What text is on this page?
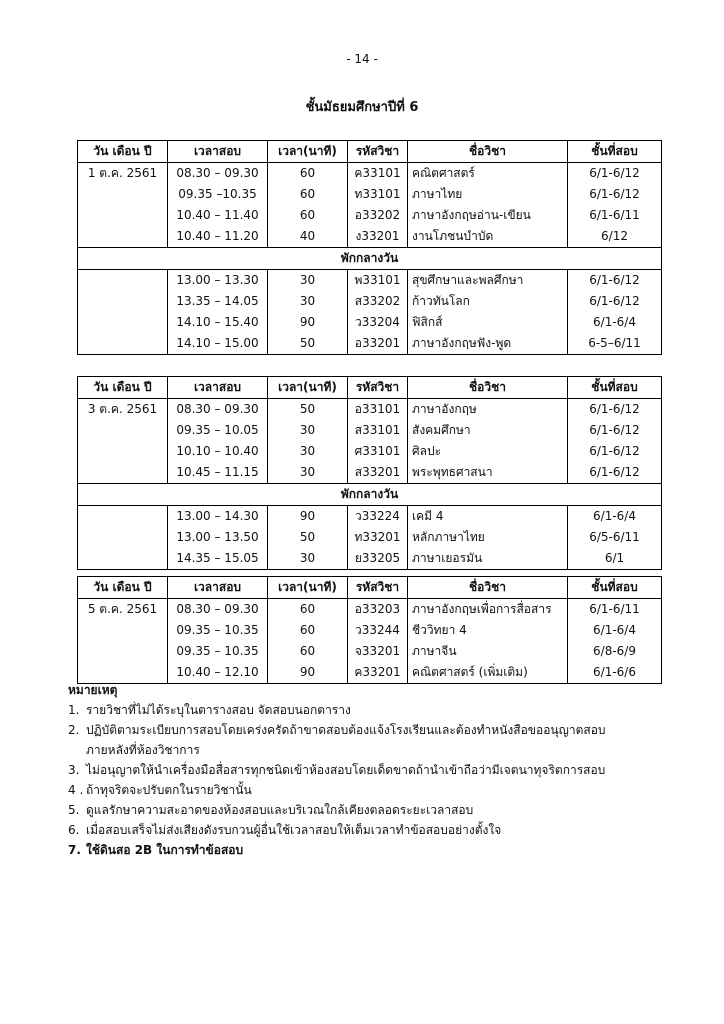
- 14 -
ชั้นมัธยมศึกษาปีที่ 6
วัน เดือน ปี	เวลาสอบ	เวลา(นาที)	รหัสวิชา	ชื่อวิชา	ชั้นที่สอบ
1 ต.ค. 2561	08.30 – 09.30	60	ค33101	คณิตศาสตร์	6/1-6/12
	09.35 –10.35	60	ท33101	ภาษาไทย	6/1-6/12
	10.40 – 11.40	60	อ33202	ภาษาอังกฤษอ่าน-เขียน	6/1-6/11
	10.40 – 11.20	40	ง33201	งานโภชนบำบัด	6/12
พักกลางวัน					
	13.00 – 13.30	30	พ33101	สุขศึกษาและพลศึกษา	6/1-6/12
	13.35 – 14.05	30	ส33202	ก้าวทันโลก	6/1-6/12
	14.10 – 15.40	90	ว33204	ฟิสิกส์	6/1-6/4
	14.10 – 15.00	50	อ33201	ภาษาอังกฤษฟัง-พูด	6-5–6/11
วัน เดือน ปี	เวลาสอบ	เวลา(นาที)	รหัสวิชา	ชื่อวิชา	ชั้นที่สอบ
3 ต.ค. 2561	08.30 – 09.30	50	อ33101	ภาษาอังกฤษ	6/1-6/12
	09.35 – 10.05	30	ส33101	สังคมศึกษา	6/1-6/12
	10.10 – 10.40	30	ศ33101	ศิลปะ	6/1-6/12
	10.45 – 11.15	30	ส33201	พระพุทธศาสนา	6/1-6/12
พักกลางวัน					
	13.00 – 14.30	90	ว33224	เคมี 4	6/1-6/4
	13.00 – 13.50	50	ท33201	หลักภาษาไทย	6/5-6/11
	14.35 – 15.05	30	ย33205	ภาษาเยอรมัน	6/1
วัน เดือน ปี	เวลาสอบ	เวลา(นาที)	รหัสวิชา	ชื่อวิชา	ชั้นที่สอบ
5 ต.ค. 2561	08.30 – 09.30	60	อ33203	ภาษาอังกฤษเพื่อการสื่อสาร	6/1-6/11
	09.35 – 10.35	60	ว33244	ชีววิทยา 4	6/1-6/4
	09.35 – 10.35	60	จ33201	ภาษาจีน	6/8-6/9
	10.40 – 12.10	90	ค33201	คณิตศาสตร์ (เพิ่มเติม)	6/1-6/6
หมายเหตุ
1. รายวิชาที่ไม่ได้ระบุในตารางสอบ จัดสอบนอกตาราง
2. ปฏิบัติตามระเบียบการสอบโดยเคร่งครัดถ้าขาดสอบต้องแจ้งโรงเรียนและต้องทำหนังสือขออนุญาตสอบ
ภายหลังที่ห้องวิชาการ
3. ไม่อนุญาตให้นำเครื่องมือสื่อสารทุกชนิดเข้าห้องสอบโดยเด็ดขาดถ้านำเข้าถือว่ามีเจตนาทุจริตการสอบ
4 . ถ้าทุจริตจะปรับตกในรายวิชานั้น
5. ดูแลรักษาความสะอาดของห้องสอบและบริเวณใกล้เคียงตลอดระยะเวลาสอบ
6. เมื่อสอบเสร็จไม่ส่งเสียงดังรบกวนผู้อื่นใช้เวลาสอบให้เต็มเวลาทำข้อสอบอย่างตั้งใจ
7. ใช้ดินสอ 2B ในการทำข้อสอบ
